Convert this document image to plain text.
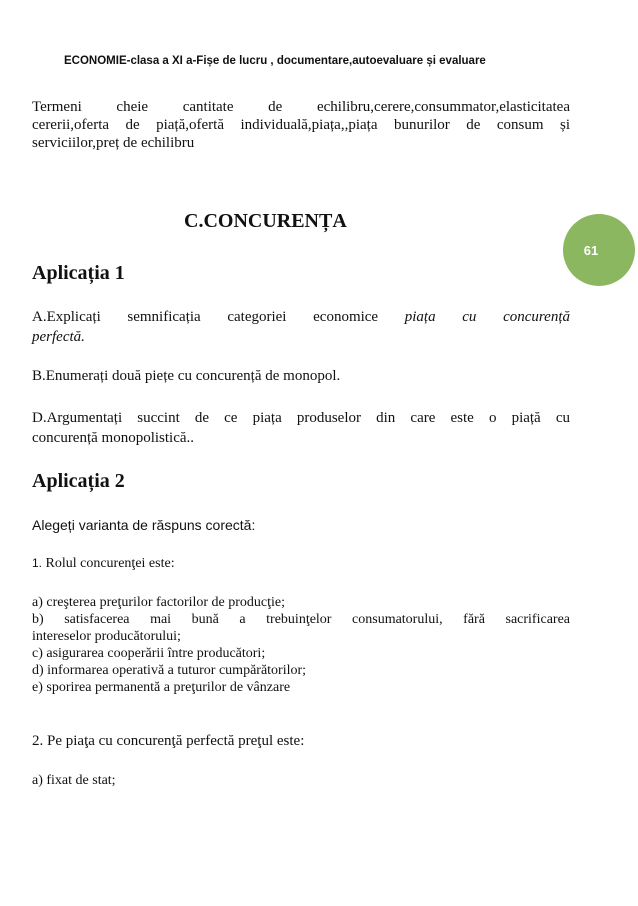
ECONOMIE-clasa a XI a-Fișe de lucru , documentare,autoevaluare și evaluare
61
Termeni cheie cantitate de echilibru,cerere,consummator,elasticitatea
cererii,oferta de piață,ofertă individuală,piața,,piața bunurilor de consum și
serviciilor,preț de echilibru
C.CONCURENȚA
Aplicația 1
A.Explicați semnificația categoriei economice piața cu concurență
perfectă.
B.Enumerați două piețe cu concurență de monopol.
D.Argumentați succint de ce piața produselor din care este o piață cu
concurență monopolistică..
Aplicația 2
Alegeți varianta de răspuns corectă:
1. Rolul concurenţei este:
a) creşterea preţurilor factorilor de producţie;
b) satisfacerea mai bună a trebuinţelor consumatorului, fără sacrificarea
intereselor producătorului;
c) asigurarea cooperării între producători;
d) informarea operativă a tuturor cumpărătorilor;
e) sporirea permanentă a preţurilor de vânzare
2. Pe piaţa cu concurenţă perfectă preţul este:
a) fixat de stat;
